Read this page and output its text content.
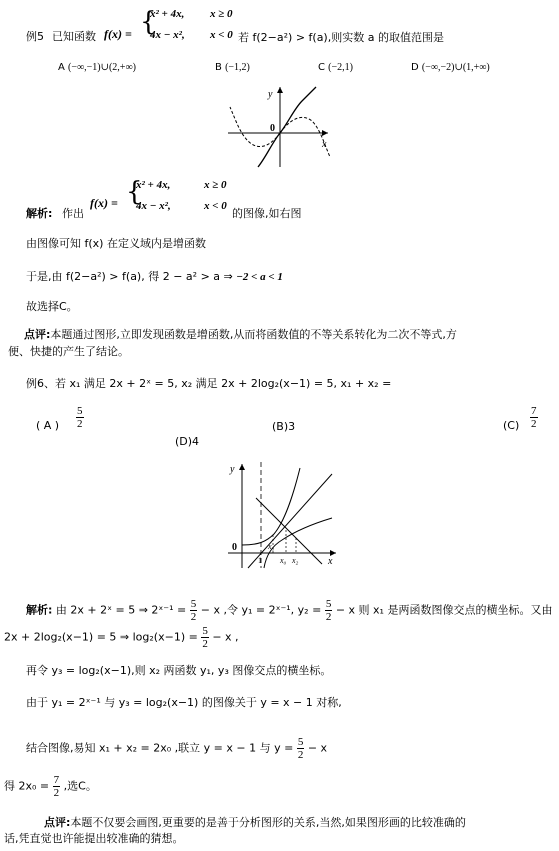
例5 已知函数 f(x) = {
x² + 4x,
4x − x²,
x ≥ 0
x < 0 若 f(2−a²) > f(a),则实数 a 的取值范围是
A (−∞,−1)∪(2,+∞)	B (−1,2)	C (−2,1)	D (−∞,−2)∪(1,+∞)
y
0
x
解析: 作出
f(x) = {
x² + 4x,
4x − x²,
x ≥ 0
x < 0
的图像,如右图
由图像可知 f(x) 在定义域内是增函数
于是,由 f(2−a²) > f(a), 得 2 − a² > a ⇒ −2 < a < 1
故选择C。
点评:本题通过图形,立即发现函数是增函数,从而将函数值的不等关系转化为二次不等式,方
便、快捷的产生了结论。
例6、若 x₁ 满足 2x + 2ˣ = 5, x₂ 满足 2x + 2log₂(x−1) = 5, x₁ + x₂ =
( A ) $\frac{5}{2}$	(B)3	$(C) \frac{7}{2}$
(D)4
y
0
x
1
x₁
x₀ x₂
解析: 由 2x + 2ˣ = 5 ⇒ 2ˣ⁻¹ = $\frac{5}{2} - x$ ,令 y₁ = 2ˣ⁻¹, $y_2 = \frac{5}{2} - x$ 则 x₁ 是两函数图像交点的横坐标。又由
2x + 2log₂(x−1) = 5 ⇒ $\log_2(x-1) = \frac{5}{2} - x$ ,
再令 y₃ = log₂(x−1),则 x₂ 两函数 y₁, y₃ 图像交点的横坐标。
由于 y₁ = 2ˣ⁻¹ 与 y₃ = log₂(x−1) 的图像关于 y = x − 1 对称,
结合图像,易知 x₁ + x₂ = 2x₀ ,联立 y = x − 1 与 $y = \frac{5}{2} - x$
得 $2x_0 = \frac{7}{2}$ ,选C。
点评:本题不仅要会画图,更重要的是善于分析图形的关系,当然,如果图形画的比较准确的
话,凭直觉也许能提出较准确的猜想。
